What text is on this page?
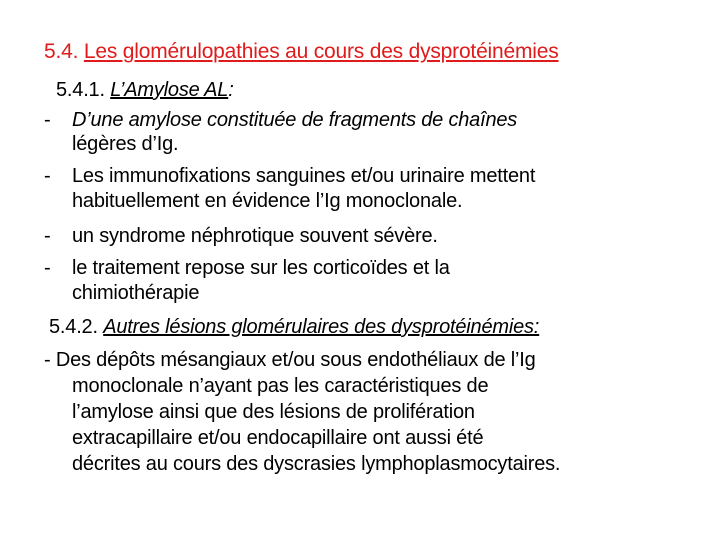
5.4. Les glomérulopathies au cours des dysprotéinémies
5.4.1. L’Amylose AL:
- D’une amylose constituée de fragments de chaînes
légères d’Ig.
- Les immunofixations sanguines et/ou urinaire mettent
habituellement en évidence l’Ig monoclonale.
- un syndrome néphrotique souvent sévère.
- le traitement repose sur les corticoïdes et la
chimiothérapie
5.4.2. Autres lésions glomérulaires des dysprotéinémies:
- Des dépôts mésangiaux et/ou sous endothéliaux de l’Ig
monoclonale n’ayant pas les caractéristiques de
l’amylose ainsi que des lésions de prolifération
extracapillaire et/ou endocapillaire ont aussi été
décrites au cours des dyscrasies lymphoplasmocytaires.
